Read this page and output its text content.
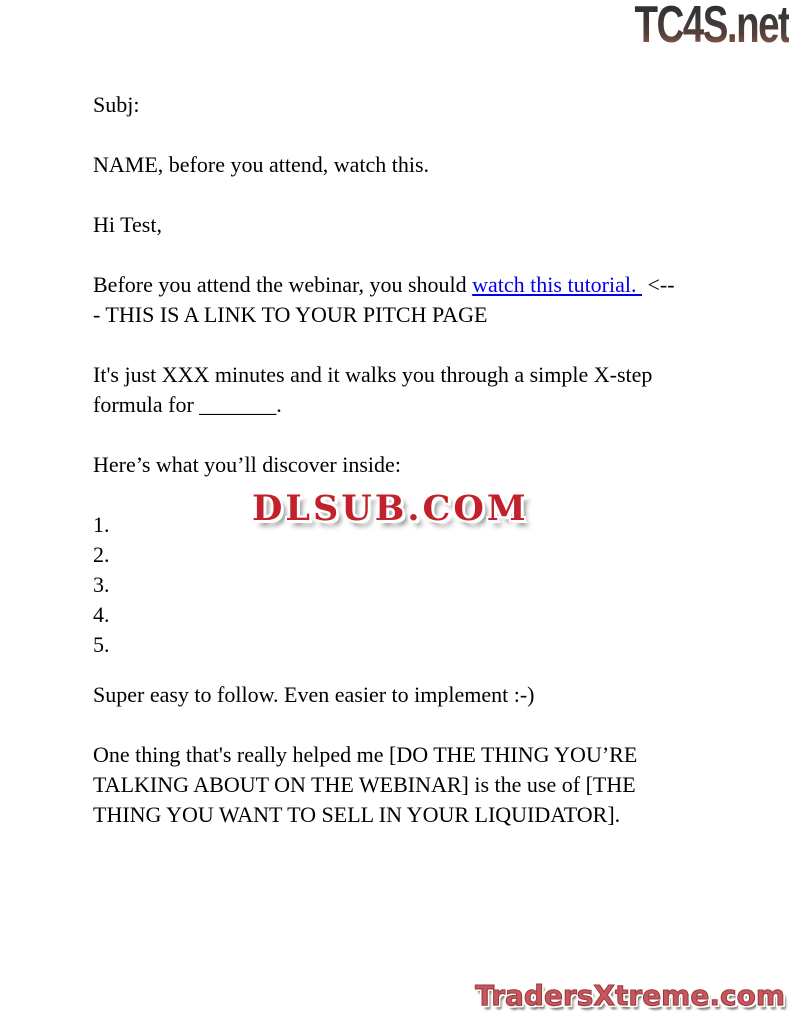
TC4S.net

Subj:

NAME, before you attend, watch this.

Hi Test,

Before you attend the webinar, you should watch this tutorial.  <--- THIS IS A LINK TO YOUR PITCH PAGE

It's just XXX minutes and it walks you through a simple X-step formula for _______.

Here’s what you’ll discover inside:

1.
2.
3.
4.
5.

Super easy to follow. Even easier to implement :-)

One thing that's really helped me [DO THE THING YOU’RE TALKING ABOUT ON THE WEBINAR] is the use of [THE THING YOU WANT TO SELL IN YOUR LIQUIDATOR].

DLSUB.COM
TradersXtreme.com
